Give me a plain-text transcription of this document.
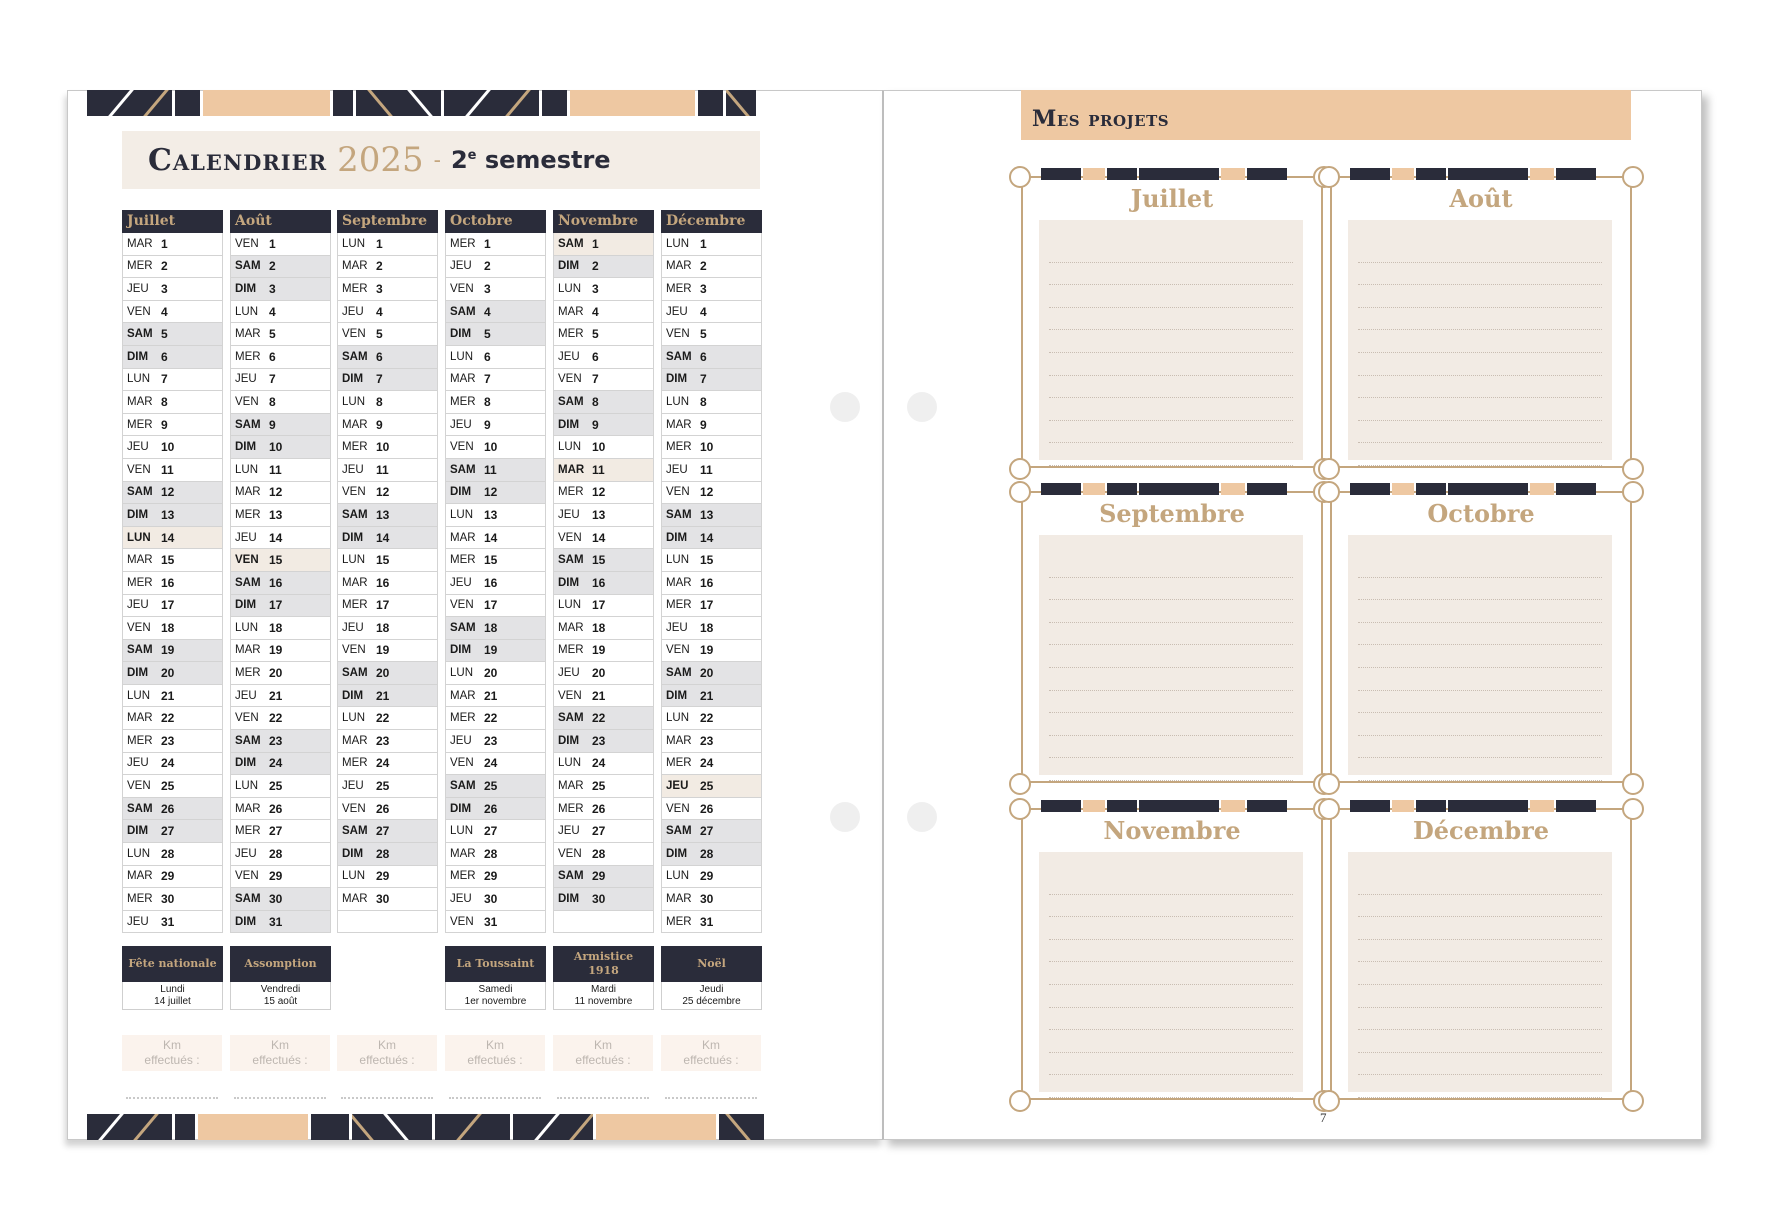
Calendrier 2025 - 2e semestre
Juillet
MAR 1
MER 2
JEU	3
VEN 4
SAM 5
DIM	6
LUN 7
MAR 8
MER 9
JEU	10
VEN 11
SAM 12
DIM	13
LUN 14
MAR 15
MER 16
JEU	17
VEN 18
SAM 19
DIM	20
LUN 21
MAR 22
MER 23
JEU	24
VEN 25
SAM 26
DIM	27
LUN 28
MAR 29
MER 30
JEU	31
Août
VEN 1
SAM 2
DIM	3
LUN 4
MAR 5
MER 6
JEU	7
VEN 8
SAM 9
DIM	10
LUN 11
MAR 12
MER 13
JEU	14
VEN 15
SAM 16
DIM	17
LUN 18
MAR 19
MER 20
JEU	21
VEN 22
SAM 23
DIM	24
LUN 25
MAR 26
MER 27
JEU	28
VEN 29
SAM 30
DIM	31
Septembre
LUN 1
MAR 2
MER 3
JEU	4
VEN 5
SAM 6
DIM	7
LUN 8
MAR 9
MER 10
JEU	11
VEN 12
SAM 13
DIM	14
LUN 15
MAR 16
MER 17
JEU	18
VEN 19
SAM 20
DIM	21
LUN 22
MAR 23
MER 24
JEU	25
VEN 26
SAM 27
DIM	28
LUN 29
MAR 30
Octobre
MER 1
JEU	2
VEN 3
SAM 4
DIM	5
LUN 6
MAR 7
MER 8
JEU	9
VEN 10
SAM 11
DIM	12
LUN 13
MAR 14
MER 15
JEU	16
VEN 17
SAM 18
DIM	19
LUN 20
MAR 21
MER 22
JEU	23
VEN 24
SAM 25
DIM	26
LUN 27
MAR 28
MER 29
JEU	30
VEN 31
Novembre
SAM 1
DIM	2
LUN 3
MAR 4
MER 5
JEU	6
VEN 7
SAM 8
DIM	9
LUN 10
MAR 11
MER 12
JEU	13
VEN 14
SAM 15
DIM	16
LUN 17
MAR 18
MER 19
JEU	20
VEN 21
SAM 22
DIM	23
LUN 24
MAR 25
MER 26
JEU	27
VEN 28
SAM 29
DIM	30
Décembre
LUN 1
MAR 2
MER 3
JEU	4
VEN 5
SAM 6
DIM	7
LUN 8
MAR 9
MER 10
JEU	11
VEN 12
SAM 13
DIM	14
LUN 15
MAR 16
MER 17
JEU	18
VEN 19
SAM 20
DIM	21
LUN 22
MAR 23
MER 24
JEU 25
VEN 26
SAM 27
DIM	28
LUN 29
MAR 30
MER 31
Fête nationale
Lundi
14 juillet
Assomption
Vendredi
15 août
La Toussaint
Samedi
1er novembre
Armistice 1918
Mardi
11 novembre
Noël
Jeudi
25 décembre
Km
effectués :
Km
effectués :
Km
effectués :
Km
effectués :
Km
effectués :
Km
effectués :
Mes projets
Juillet	Août
Septembre	Octobre
Novembre	Décembre
7
